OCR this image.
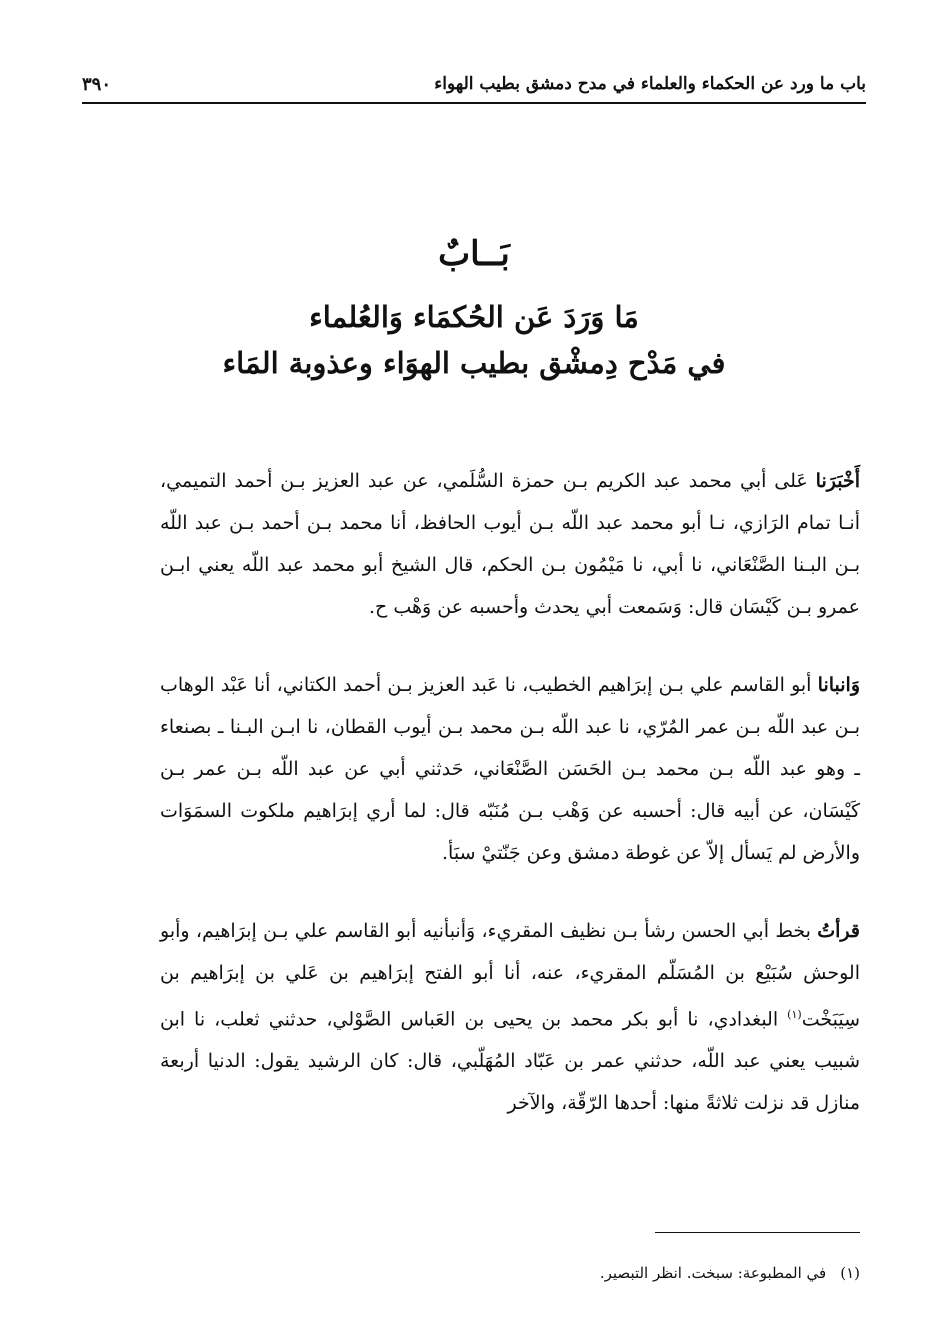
باب ما ورد عن الحكماء والعلماء في مدح دمشق بطيب الهواء
٣٩٠
بَــابٌ
مَا وَرَدَ عَن الحُكمَاء وَالعُلماء
في مَدْح دِمشْق بطيب الهوَاء وعذوبة المَاء

أَخْبَرَنا عَلى أبي محمد عبد الكريم بـن حمزة السُّلَمي، عن عبد العزيز بـن أحمد التميمي، أنـا تمام الرَازي، نـا أبو محمد عبد اللّه بـن أيوب الحافظ، أنا محمد بـن أحمد بـن عبد اللّه بـن البـنا الصَّنْعَاني، نا أبي، نا مَيْمُون بـن الحكم، قال الشيخ أبو محمد عبد اللّه يعني ابـن عمرو بـن كَيْسَان قال: وَسَمعت أبي يحدث وأحسبه عن وَهْب ح.

وَانبانا أبو القاسم علي بـن إبرَاهيم الخطيب، نا عَبد العزيز بـن أحمد الكتاني، أنا عَبْد الوهاب بـن عبد اللّه بـن عمر المُرّي، نا عبد اللّه بـن محمد بـن أيوب القطان، نا ابـن البـنا ـ بصنعاء ـ وهو عبد اللّه بـن محمد بـن الحَسَن الصَّنْعَاني، حَدثني أبي عن عبد اللّه بـن عمر بـن كَيْسَان، عن أبيه قال: أحسبه عن وَهْب بـن مُنَبّه قال: لما أري إبرَاهيم ملكوت السمَوَات والأرض لم يَسأل إلاّ عن غوطة دمشق وعن جَنّتيْ سبَأ.

قرأتُ بخط أبي الحسن رشأ بـن نظيف المقريء، وَأنبأنيه أبو القاسم علي بـن إبرَاهيم، وأبو الوحش سُبَيْع بن المُسَلّم المقريء، عنه، أنا أبو الفتح إبرَاهيم بن عَلي بن إبرَاهيم بن سِيَبَخْت$^{(١)}$ البغدادي، نا أبو بكر محمد بن يحيى بن العَباس الصَّوْلي، حدثني ثعلب، نا ابن شبيب يعني عبد اللّه، حدثني عمر بن عَبّاد المُهَلّبي، قال: كان الرشيد يقول: الدنيا أربعة منازل قد نزلت ثلاثةً منها: أحدها الرّقّة، والآخر

(١)في المطبوعة: سبخت. انظر التبصير.
